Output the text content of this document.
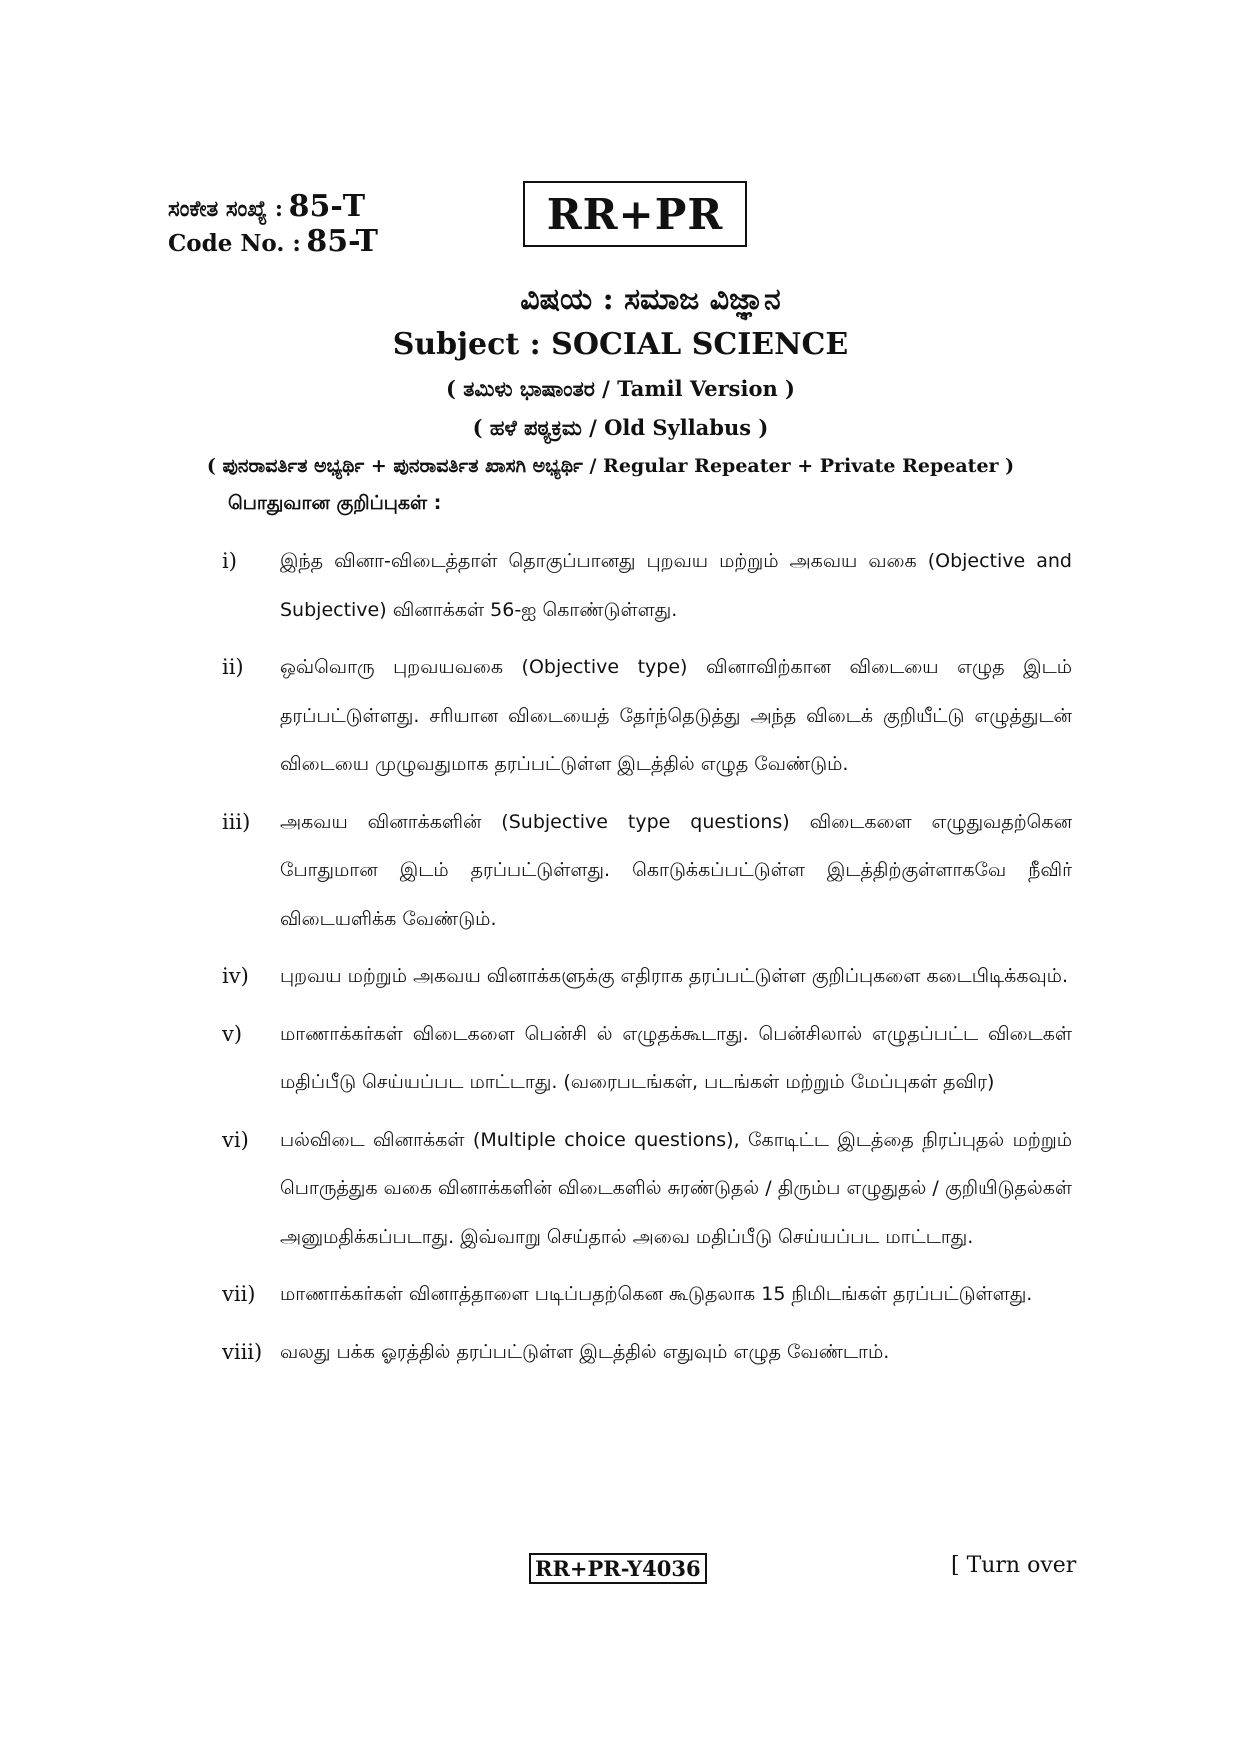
ಸಂಕೇತ ಸಂಖ್ಯೆ : 85-T
Code No. : 85-T
RR+PR
ವಿಷಯ : ಸಮಾಜ ವಿಜ್ಞಾನ
Subject : SOCIAL SCIENCE
( ತಮಿಳು ಭಾಷಾಂತರ / Tamil Version )
( ಹಳೆ ಪಠ್ಯಕ್ರಮ / Old Syllabus )
( ಪುನರಾವರ್ತಿತ ಅಭ್ಯರ್ಥಿ + ಪುನರಾವರ್ತಿತ ಖಾಸಗಿ ಅಭ್ಯರ್ಥಿ / Regular Repeater + Private Repeater )
பொதுவான குறிப்புகள் :
i)	இந்த வினா-விடைத்தாள் தொகுப்பானது புறவய மற்றும் அகவய வகை (Objective and Subjective) வினாக்கள் 56-ஐ கொண்டுள்ளது.
ii)	ஒவ்வொரு புறவயவகை (Objective type) வினாவிற்கான விடையை எழுத இடம் தரப்பட்டுள்ளது. சரியான விடையைத் தேர்ந்தெடுத்து அந்த விடைக் குறியீட்டு எழுத்துடன் விடையை முழுவதுமாக தரப்பட்டுள்ள இடத்தில் எழுத வேண்டும்.
iii)	அகவய வினாக்களின் (Subjective type questions) விடைகளை எழுதுவதற்கென போதுமான இடம் தரப்பட்டுள்ளது. கொடுக்கப்பட்டுள்ள இடத்திற்குள்ளாகவே நீவிர் விடையளிக்க வேண்டும்.
iv)	புறவய மற்றும் அகவய வினாக்களுக்கு எதிராக தரப்பட்டுள்ள குறிப்புகளை கடைபிடிக்கவும்.
v)	மாணாக்கர்கள் விடைகளை பென்சி ல் எழுதக்கூடாது. பென்சிலால் எழுதப்பட்ட விடைகள் மதிப்பீடு செய்யப்பட மாட்டாது. (வரைபடங்கள், படங்கள் மற்றும் மேப்புகள் தவிர)
vi)	பல்விடை வினாக்கள் (Multiple choice questions), கோடிட்ட இடத்தை நிரப்புதல் மற்றும் பொருத்துக வகை வினாக்களின் விடைகளில் சுரண்டுதல் / திரும்ப எழுதுதல் / குறியிடுதல்கள் அனுமதிக்கப்படாது. இவ்வாறு செய்தால் அவை மதிப்பீடு செய்யப்பட மாட்டாது.
vii)	மாணாக்கர்கள் வினாத்தாளை படிப்பதற்கென கூடுதலாக 15 நிமிடங்கள் தரப்பட்டுள்ளது.
viii) வலது பக்க ஓரத்தில் தரப்பட்டுள்ள இடத்தில் எதுவும் எழுத வேண்டாம்.
RR+PR-Y4036	[ Turn over
